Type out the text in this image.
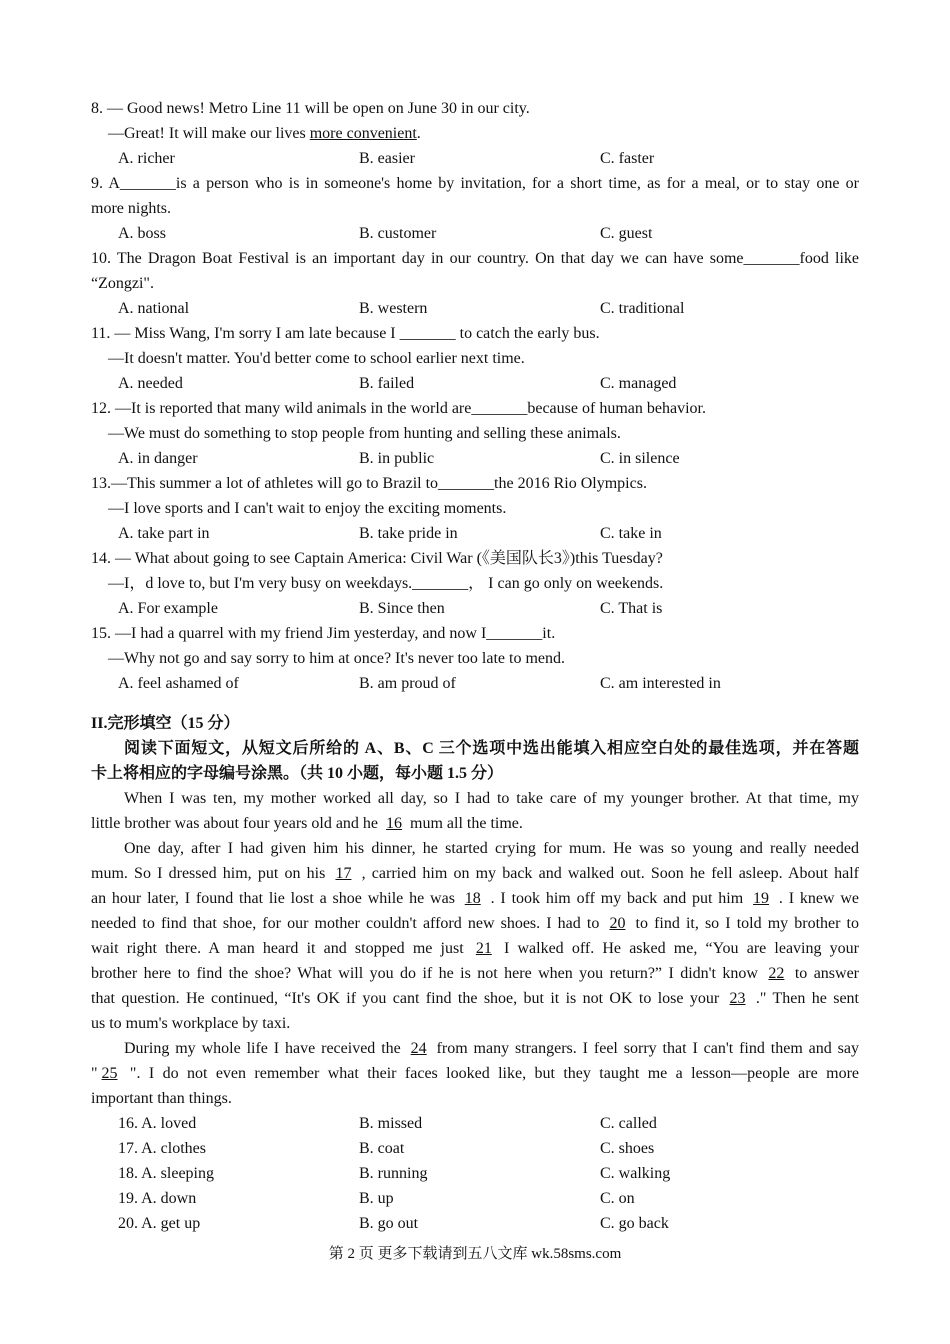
8. — Good news! Metro Line 11 will be open on June 30 in our city.
—Great! It will make our lives more convenient.
A. richer	B. easier	C. faster
9. A_______is a person who is in someone's home by invitation, for a short time, as for a meal, or to stay one or
more nights.
A. boss	B. customer	C. guest
10. The Dragon Boat Festival is an important day in our country. On that day we can have some_______food like
“Zongzi".
A. national	B. western	C. traditional
11. — Miss Wang, I'm sorry I am late because I _______ to catch the early bus.
—It doesn't matter. You'd better come to school earlier next time.
A. needed	B. failed	C. managed
12. —It is reported that many wild animals in the world are_______because of human behavior.
—We must do something to stop people from hunting and selling these animals.
A. in danger	B. in public	C. in silence
13.—This summer a lot of athletes will go to Brazil to_______the 2016 Rio Olympics.
—I love sports and I can't wait to enjoy the exciting moments.
A. take part in	B. take pride in	C. take in
14. — What about going to see Captain America: Civil War (《美国队长3》)this Tuesday?
—I，d love to, but I'm very busy on weekdays._______， I can go only on weekends.
A. For example	B. Since then	C. That is
15. —I had a quarrel with my friend Jim yesterday, and now I_______it.
—Why not go and say sorry to him at once? It's never too late to mend.
A. feel ashamed of	B. am proud of	C. am interested in
II.完形填空（15 分）
阅读下面短文，从短文后所给的 A、B、C 三个选项中选出能填入相应空白处的最佳选项，并在答题
卡上将相应的字母编号涂黑。（共 10 小题，每小题 1.5 分）
When I was ten, my mother worked all day, so I had to take care of my younger brother. At that time, my
little brother was about four years old and he 16 mum all the time.
One day, after I had given him his dinner, he started crying for mum. He was so young and really needed
mum. So I dressed him, put on his 17 , carried him on my back and walked out. Soon he fell asleep. About half
an hour later, I found that lie lost a shoe while he was 18 . I took him off my back and put him 19 . I knew we
needed to find that shoe, for our mother couldn't afford new shoes. I had to 20 to find it, so I told my brother to
wait right there. A man heard it and stopped me just 21 I walked off. He asked me, “You are leaving your
brother here to find the shoe? What will you do if he is not here when you return?” I didn't know 22 to answer
that question. He continued, “It's OK if you cant find the shoe, but it is not OK to lose your 23 ." Then he sent
us to mum's workplace by taxi.
During my whole life I have received the 24 from many strangers. I feel sorry that I can't find them and say
" 25 ". I do not even remember what their faces looked like, but they taught me a lesson—people are more
important than things.
16. A. loved	B. missed	C. called
17. A. clothes	B. coat	C. shoes
18. A. sleeping	B. running	C. walking
19. A. down	B. up	C. on
20. A. get up	B. go out	C. go back
第 2 页 更多下载请到五八文库 wk.58sms.com
